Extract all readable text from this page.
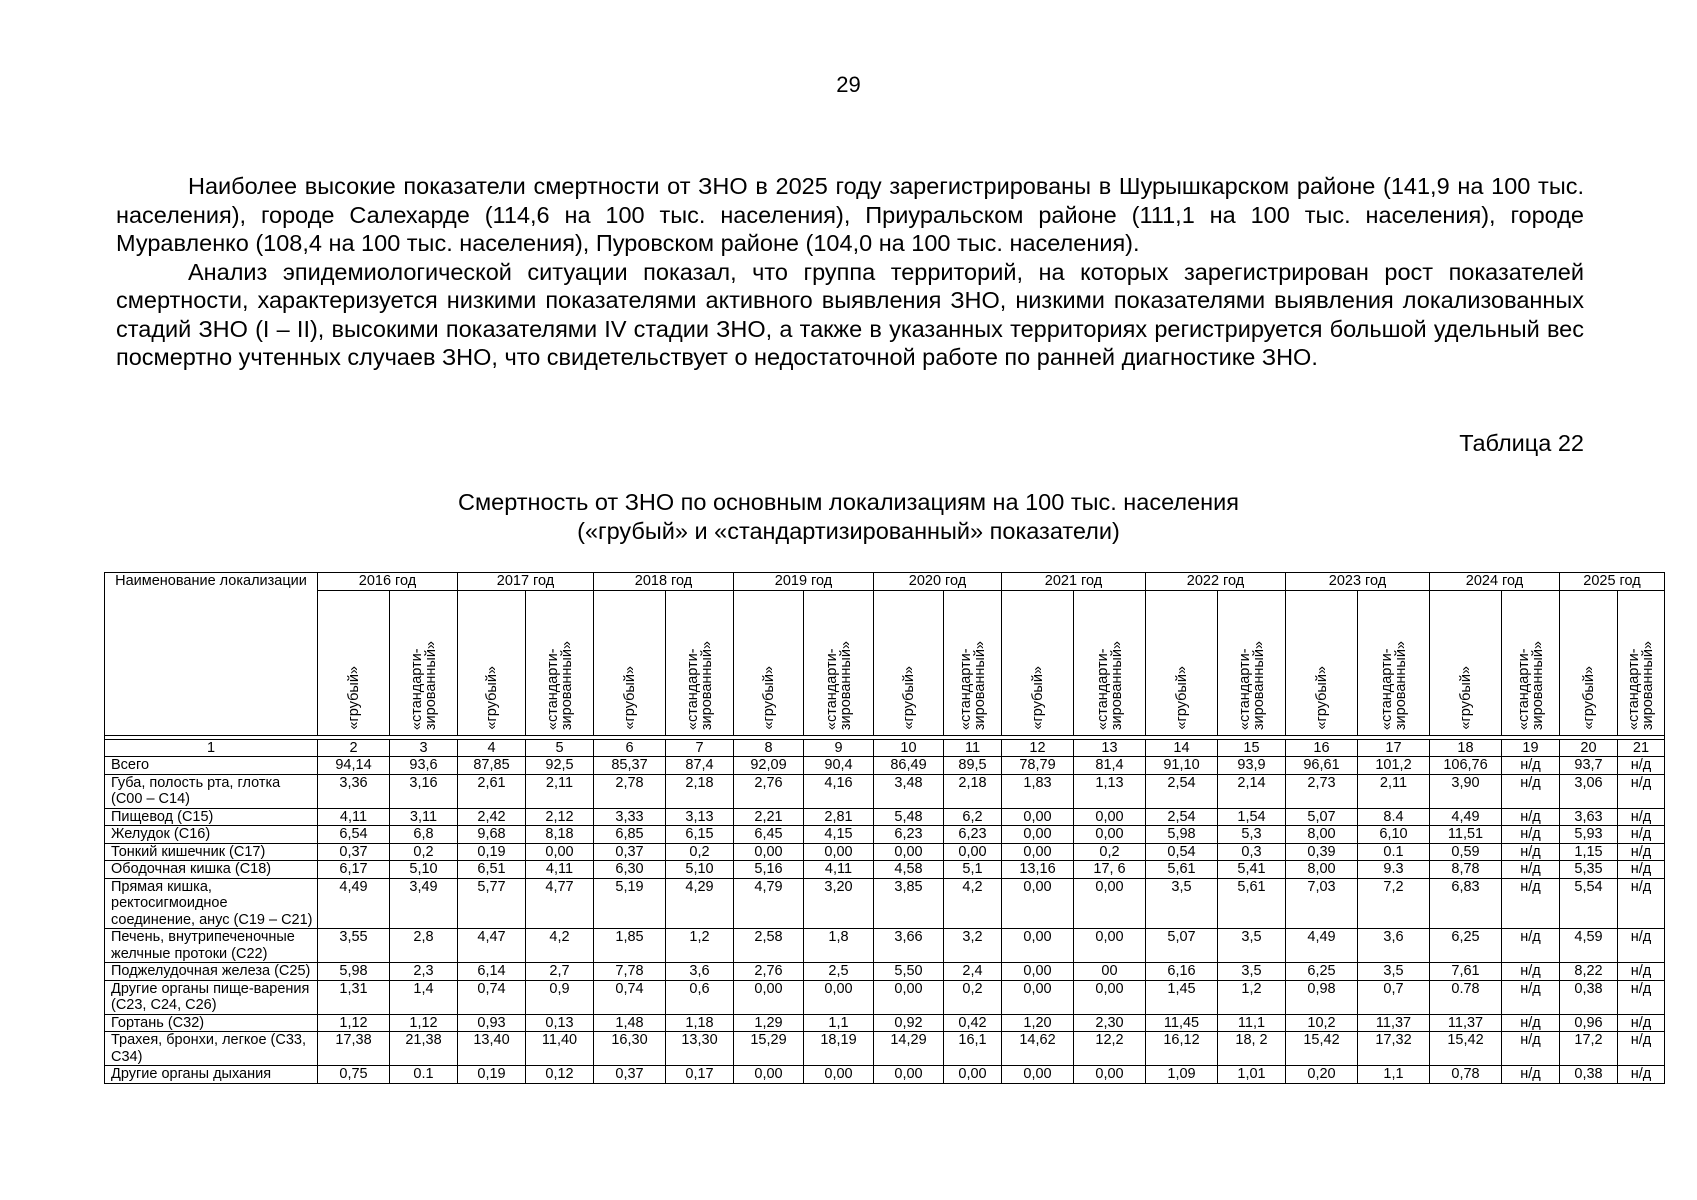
29

Наиболее высокие показатели смертности от ЗНО в 2025 году зарегистрированы в Шурышкарском районе (141,9 на 100 тыс. населения), городе Салехарде (114,6 на 100 тыс. населения), Приуральском районе (111,1 на 100 тыс. населения), городе Муравленко (108,4 на 100 тыс. населения), Пуровском районе (104,0 на 100 тыс. населения).

Анализ эпидемиологической ситуации показал, что группа территорий, на которых зарегистрирован рост показателей смертности, характеризуется низкими показателями активного выявления ЗНО, низкими показателями выявления локализованных стадий ЗНО (I – II), высокими показателями IV стадии ЗНО, а также в указанных территориях регистрируется большой удельный вес посмертно учтенных случаев ЗНО, что свидетельствует о недостаточной работе по ранней диагностике ЗНО.

Таблица 22
Смертность от ЗНО по основным локализациям на 100 тыс. населения
(«грубый» и «стандартизированный» показатели)
Наименование локализации	2016 год		2017 год		2018 год		2019 год		2020 год		2021 год		2022 год		2023 год		2024 год		2025 год	
	«грубый»	«стандарти-
зированный»	«грубый»	«стандарти-
зированный»	«грубый»	«стандарти-
зированный»	«грубый»	«стандарти-
зированный»	«грубый»	«стандарти-
зированный»	«грубый»	«стандарти-
зированный»	«грубый»	«стандарти-
зированный»	«грубый»	«стандарти-
зированный»	«грубый»	«стандарти-
зированный»	«грубый»	«стандарти-
зированный»

1	2	3	4	5	6	7	8	9	10	11	12	13	14	15	16	17	18	19	20	21
Всего	94,14	93,6	87,85	92,5	85,37	87,4	92,09	90,4	86,49	89,5	78,79	81,4	91,10	93,9	96,61	101,2	106,76	н/д	93,7	н/д
Губа, полость рта, глотка (С00 – С14)	3,36	3,16	2,61	2,11	2,78	2,18	2,76	4,16	3,48	2,18	1,83	1,13	2,54	2,14	2,73	2,11	3,90	н/д	3,06	н/д
Пищевод (С15)	4,11	3,11	2,42	2,12	3,33	3,13	2,21	2,81	5,48	6,2	0,00	0,00	2,54	1,54	5,07	8.4	4,49	н/д	3,63	н/д
Желудок (С16)	6,54	6,8	9,68	8,18	6,85	6,15	6,45	4,15	6,23	6,23	0,00	0,00	5,98	5,3	8,00	6,10	11,51	н/д	5,93	н/д
Тонкий кишечник (С17)	0,37	0,2	0,19	0,00	0,37	0,2	0,00	0,00	0,00	0,00	0,00	0,2	0,54	0,3	0,39	0.1	0,59	н/д	1,15	н/д
Ободочная кишка (С18)	6,17	5,10	6,51	4,11	6,30	5,10	5,16	4,11	4,58	5,1	13,16	17, 6	5,61	5,41	8,00	9.3	8,78	н/д	5,35	н/д
Прямая кишка, ректосигмоидное соединение, анус (С19 – С21)	4,49	3,49	5,77	4,77	5,19	4,29	4,79	3,20	3,85	4,2	0,00	0,00	3,5	5,61	7,03	7,2	6,83	н/д	5,54	н/д
Печень, внутрипеченочные желчные протоки (С22)	3,55	2,8	4,47	4,2	1,85	1,2	2,58	1,8	3,66	3,2	0,00	0,00	5,07	3,5	4,49	3,6	6,25	н/д	4,59	н/д
Поджелудочная железа (С25)	5,98	2,3	6,14	2,7	7,78	3,6	2,76	2,5	5,50	2,4	0,00	00	6,16	3,5	6,25	3,5	7,61	н/д	8,22	н/д
Другие органы пище-варения (С23, С24, С26)	1,31	1,4	0,74	0,9	0,74	0,6	0,00	0,00	0,00	0,2	0,00	0,00	1,45	1,2	0,98	0,7	0.78	н/д	0,38	н/д
Гортань (С32)	1,12	1,12	0,93	0,13	1,48	1,18	1,29	1,1	0,92	0,42	1,20	2,30	11,45	11,1	10,2	11,37	11,37	н/д	0,96	н/д
Трахея, бронхи, легкое (С33, С34)	17,38	21,38	13,40	11,40	16,30	13,30	15,29	18,19	14,29	16,1	14,62	12,2	16,12	18, 2	15,42	17,32	15,42	н/д	17,2	н/д
Другие органы дыхания	0,75	0.1	0,19	0,12	0,37	0,17	0,00	0,00	0,00	0,00	0,00	0,00	1,09	1,01	0,20	1,1	0,78	н/д	0,38	н/д
